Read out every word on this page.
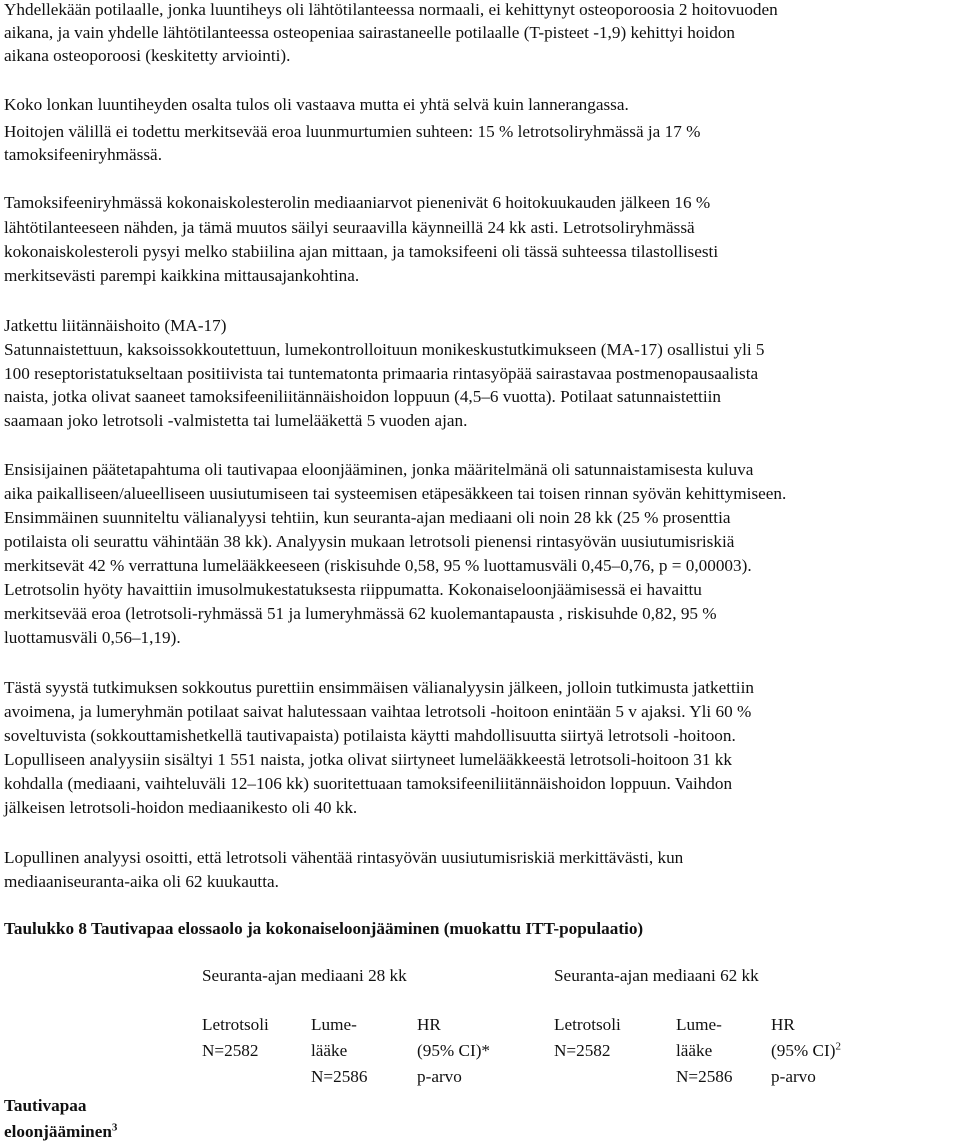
Yhdellekään potilaalle, jonka luuntiheys oli lähtötilanteessa normaali, ei kehittynyt osteoporoosia 2 hoitovuoden
aikana, ja vain yhdelle lähtötilanteessa osteopeniaa sairastaneelle potilaalle (T-pisteet -1,9) kehittyi hoidon
aikana osteoporoosi (keskitetty arviointi).
Koko lonkan luuntiheyden osalta tulos oli vastaava mutta ei yhtä selvä kuin lannerangassa.
Hoitojen välillä ei todettu merkitsevää eroa luunmurtumien suhteen: 15 % letrotsoliryhmässä ja 17 %
tamoksifeeniryhmässä.
Tamoksifeeniryhmässä kokonaiskolesterolin mediaaniarvot pienenivät 6 hoitokuukauden jälkeen 16 %
lähtötilanteeseen nähden, ja tämä muutos säilyi seuraavilla käynneillä 24 kk asti. Letrotsoliryhmässä
kokonaiskolesteroli pysyi melko stabiilina ajan mittaan, ja tamoksifeeni oli tässä suhteessa tilastollisesti
merkitsevästi parempi kaikkina mittausajankohtina.
Jatkettu liitännäishoito (MA-17)
Satunnaistettuun, kaksoissokkoutettuun, lumekontrolloituun monikeskustutkimukseen (MA-17) osallistui yli 5
100 reseptoristatukseltaan positiivista tai tuntematonta primaaria rintasyöpää sairastavaa postmenopausaalista
naista, jotka olivat saaneet tamoksifeeniliitännäishoidon loppuun (4,5–6 vuotta). Potilaat satunnaistettiin
saamaan joko letrotsoli -valmistetta tai lumelääkettä 5 vuoden ajan.
Ensisijainen päätetapahtuma oli tautivapaa eloonjääminen, jonka määritelmänä oli satunnaistamisesta kuluva
aika paikalliseen/alueelliseen uusiutumiseen tai systeemisen etäpesäkkeen tai toisen rinnan syövän kehittymiseen.
Ensimmäinen suunniteltu välianalyysi tehtiin, kun seuranta-ajan mediaani oli noin 28 kk (25 % prosenttia
potilaista oli seurattu vähintään 38 kk). Analyysin mukaan letrotsoli pienensi rintasyövän uusiutumisriskiä
merkitsevät 42 % verrattuna lumelääkkeeseen (riskisuhde 0,58, 95 % luottamusväli 0,45–0,76, p = 0,00003).
Letrotsolin hyöty havaittiin imusolmukestatuksesta riippumatta. Kokonaiseloonjäämisessä ei havaittu
merkitsevää eroa (letrotsoli-ryhmässä 51 ja lumeryhmässä 62 kuolemantapausta , riskisuhde 0,82, 95 %
luottamusväli 0,56–1,19).
Tästä syystä tutkimuksen sokkoutus purettiin ensimmäisen välianalyysin jälkeen, jolloin tutkimusta jatkettiin
avoimena, ja lumeryhmän potilaat saivat halutessaan vaihtaa letrotsoli -hoitoon enintään 5 v ajaksi. Yli 60 %
soveltuvista (sokkouttamishetkellä tautivapaista) potilaista käytti mahdollisuutta siirtyä letrotsoli -hoitoon.
Lopulliseen analyysiin sisältyi 1 551 naista, jotka olivat siirtyneet lumelääkkeestä letrotsoli-hoitoon 31 kk
kohdalla (mediaani, vaihteluväli 12–106 kk) suoritettuaan tamoksifeeniliitännäishoidon loppuun. Vaihdon
jälkeisen letrotsoli-hoidon mediaanikesto oli 40 kk.
Lopullinen analyysi osoitti, että letrotsoli vähentää rintasyövän uusiutumisriskiä merkittävästi, kun
mediaaniseuranta-aika oli 62 kuukautta.
Taulukko 8 Tautivapaa elossaolo ja kokonaiseloonjääminen (muokattu ITT-populaatio)
Seuranta-ajan mediaani 28 kk	Seuranta-ajan mediaani 62 kk
Letrotsoli
N=2582
Lume-
lääke
N=2586
HR
(95% CI)*
p-arvo
Letrotsoli
N=2582
Lume-
lääke
N=2586
HR
(95% CI)$^2$
p-arvo
Tautivapaa
eloonjääminen$^3$
